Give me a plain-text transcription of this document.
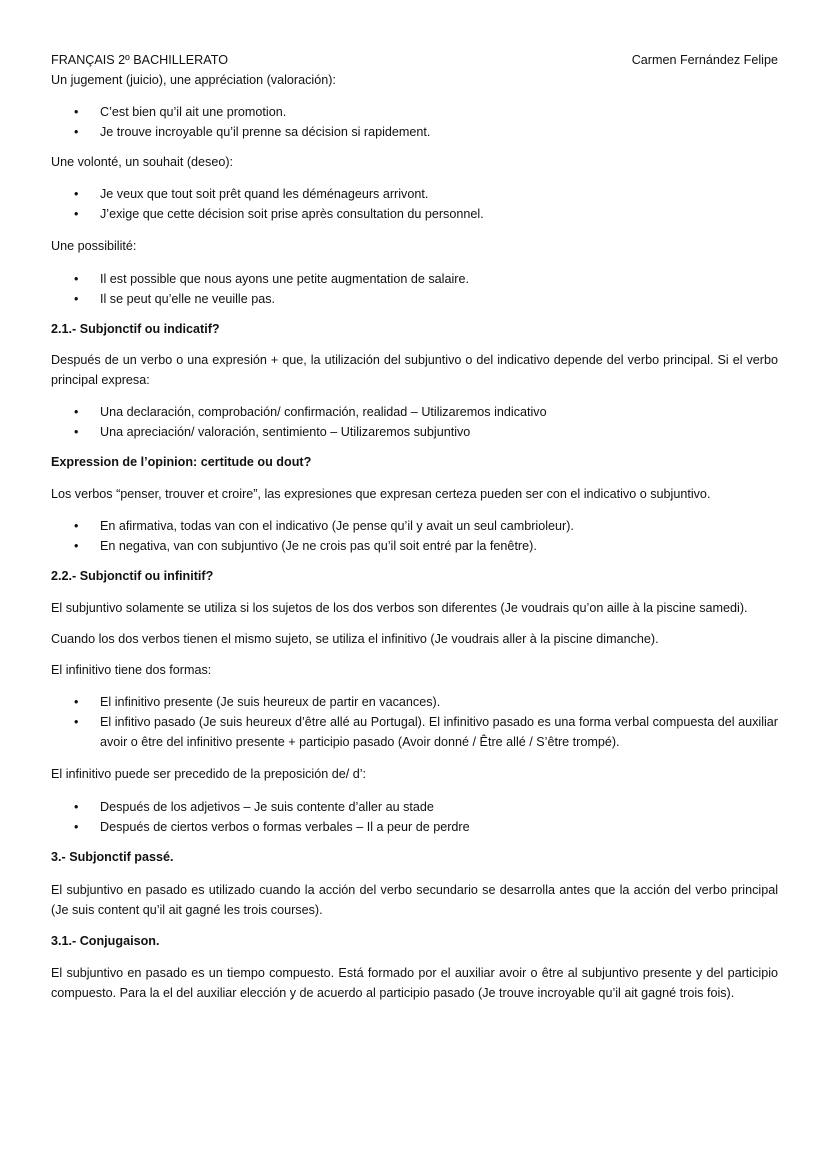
FRANÇAIS 2º BACHILLERATO	Carmen Fernández Felipe

Un jugement (juicio), une appréciation (valoración):

• C’est bien qu’il ait une promotion.
• Je trouve incroyable qu’il prenne sa décision si rapidement.

Une volonté, un souhait (deseo):

• Je veux que tout soit prêt quand les déménageurs arrivont.
• J’exige que cette décision soit prise après consultation du personnel.

Une possibilité:

• Il est possible que nous ayons une petite augmentation de salaire.
• Il se peut qu’elle ne veuille pas.

2.1.- Subjonctif ou indicatif?

Después de un verbo o una expresión + que, la utilización del subjuntivo o del indicativo depende del verbo principal. Si el verbo principal expresa:

• Una declaración, comprobación/ confirmación, realidad – Utilizaremos indicativo
• Una apreciación/ valoración, sentimiento – Utilizaremos subjuntivo

Expression de l’opinion: certitude ou dout?

Los verbos “penser, trouver et croire”, las expresiones que expresan certeza pueden ser con el indicativo o subjuntivo.

• En afirmativa, todas van con el indicativo (Je pense qu’il y avait un seul cambrioleur).
• En negativa, van con subjuntivo (Je ne crois pas qu’il soit entré par la fenêtre).

2.2.- Subjonctif ou infinitif?

El subjuntivo solamente se utiliza si los sujetos de los dos verbos son diferentes (Je voudrais qu’on aille à la piscine samedi).

Cuando los dos verbos tienen el mismo sujeto, se utiliza el infinitivo (Je voudrais aller à la piscine dimanche).

El infinitivo tiene dos formas:

• El infinitivo presente (Je suis heureux de partir en vacances).
• El infitivo pasado (Je suis heureux d’être allé au Portugal). El infinitivo pasado es una forma verbal compuesta del auxiliar avoir o être del infinitivo presente + participio pasado (Avoir donné / Être allé / S’être trompé).

El infinitivo puede ser precedido de la preposición de/ d’:

• Después de los adjetivos – Je suis contente d’aller au stade
• Después de ciertos verbos o formas verbales – Il a peur de perdre

3.- Subjonctif passé.

El subjuntivo en pasado es utilizado cuando la acción del verbo secundario se desarrolla antes que la acción del verbo principal (Je suis content qu’il ait gagné les trois courses).

3.1.- Conjugaison.

El subjuntivo en pasado es un tiempo compuesto. Está formado por el auxiliar avoir o être al subjuntivo presente y del participio compuesto. Para la el del auxiliar elección y de acuerdo al participio pasado (Je trouve incroyable qu’il ait gagné trois fois).
